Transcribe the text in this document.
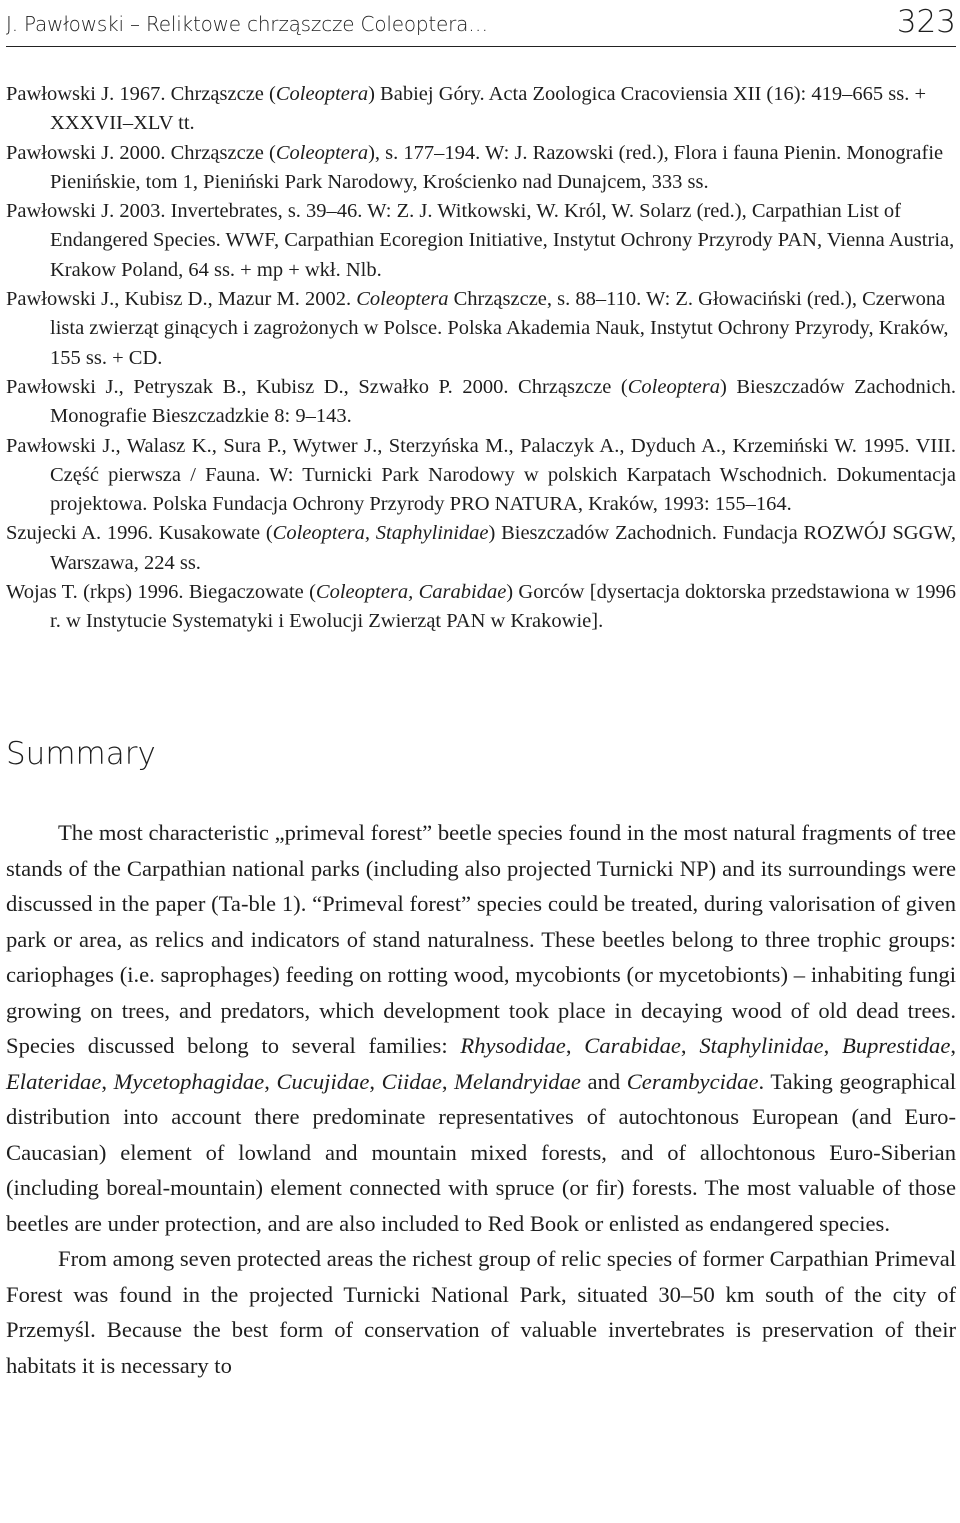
J. Pawłowski – Reliktowe chrząszcze Coleoptera…	323
Pawłowski J. 1967. Chrząszcze (Coleoptera) Babiej Góry. Acta Zoologica Cracoviensia XII (16): 419–665 ss. + XXXVII–XLV tt.
Pawłowski J. 2000. Chrząszcze (Coleoptera), s. 177–194. W: J. Razowski (red.), Flora i fauna Pienin. Monografie Pienińskie, tom 1, Pieniński Park Narodowy, Krościenko nad Dunajcem, 333 ss.
Pawłowski J. 2003. Invertebrates, s. 39–46. W: Z. J. Witkowski, W. Król, W. Solarz (red.), Carpathian List of Endangered Species. WWF, Carpathian Ecoregion Initiative, Instytut Ochrony Przyrody PAN, Vienna Austria, Krakow Poland, 64 ss. + mp + wkł. Nlb.
Pawłowski J., Kubisz D., Mazur M. 2002. Coleoptera Chrząszcze, s. 88–110. W: Z. Głowaciński (red.), Czerwona lista zwierząt ginących i zagrożonych w Polsce. Polska Akademia Nauk, Instytut Ochrony Przyrody, Kraków, 155 ss. + CD.
Pawłowski J., Petryszak B., Kubisz D., Szwałko P. 2000. Chrząszcze (Coleoptera) Bieszczadów Zachodnich. Monografie Bieszczadzkie 8: 9–143.
Pawłowski J., Walasz K., Sura P., Wytwer J., Sterzyńska M., Palaczyk A., Dyduch A., Krzemiński W. 1995. VIII. Część pierwsza / Fauna. W: Turnicki Park Narodowy w polskich Karpatach Wschodnich. Dokumentacja projektowa. Polska Fundacja Ochrony Przyrody PRO NATURA, Kraków, 1993: 155–164.
Szujecki A. 1996. Kusakowate (Coleoptera, Staphylinidae) Bieszczadów Zachodnich. Fundacja ROZWÓJ SGGW, Warszawa, 224 ss.
Wojas T. (rkps) 1996. Biegaczowate (Coleoptera, Carabidae) Gorców [dysertacja doktorska przedstawiona w 1996 r. w Instytucie Systematyki i Ewolucji Zwierząt PAN w Krakowie].
Summary

The most characteristic „primeval forest” beetle species found in the most natural fragments of tree stands of the Carpathian national parks (including also projected Turnicki NP) and its surroundings were discussed in the paper (Ta-ble 1). “Primeval forest” species could be treated, during valorisation of given park or area, as relics and indicators of stand naturalness. These beetles belong to three trophic groups: cariophages (i.e. saprophages) feeding on rotting wood, mycobionts (or mycetobionts) – inhabiting fungi growing on trees, and predators, which development took place in decaying wood of old dead trees. Species discussed belong to several families: Rhysodidae, Carabidae, Staphylinidae, Buprestidae, Elateridae, Mycetophagidae, Cucujidae, Ciidae, Melandryidae and Cerambycidae. Taking geographical distribution into account there predominate representatives of autochtonous European (and Euro-Caucasian) element of lowland and mountain mixed forests, and of allochtonous Euro-Siberian (including boreal-mountain) element connected with spruce (or fir) forests. The most valuable of those beetles are under protection, and are also included to Red Book or enlisted as endangered species.

From among seven protected areas the richest group of relic species of former Carpathian Primeval Forest was found in the projected Turnicki National Park, situated 30–50 km south of the city of Przemyśl. Because the best form of conservation of valuable invertebrates is preservation of their habitats it is necessary to
